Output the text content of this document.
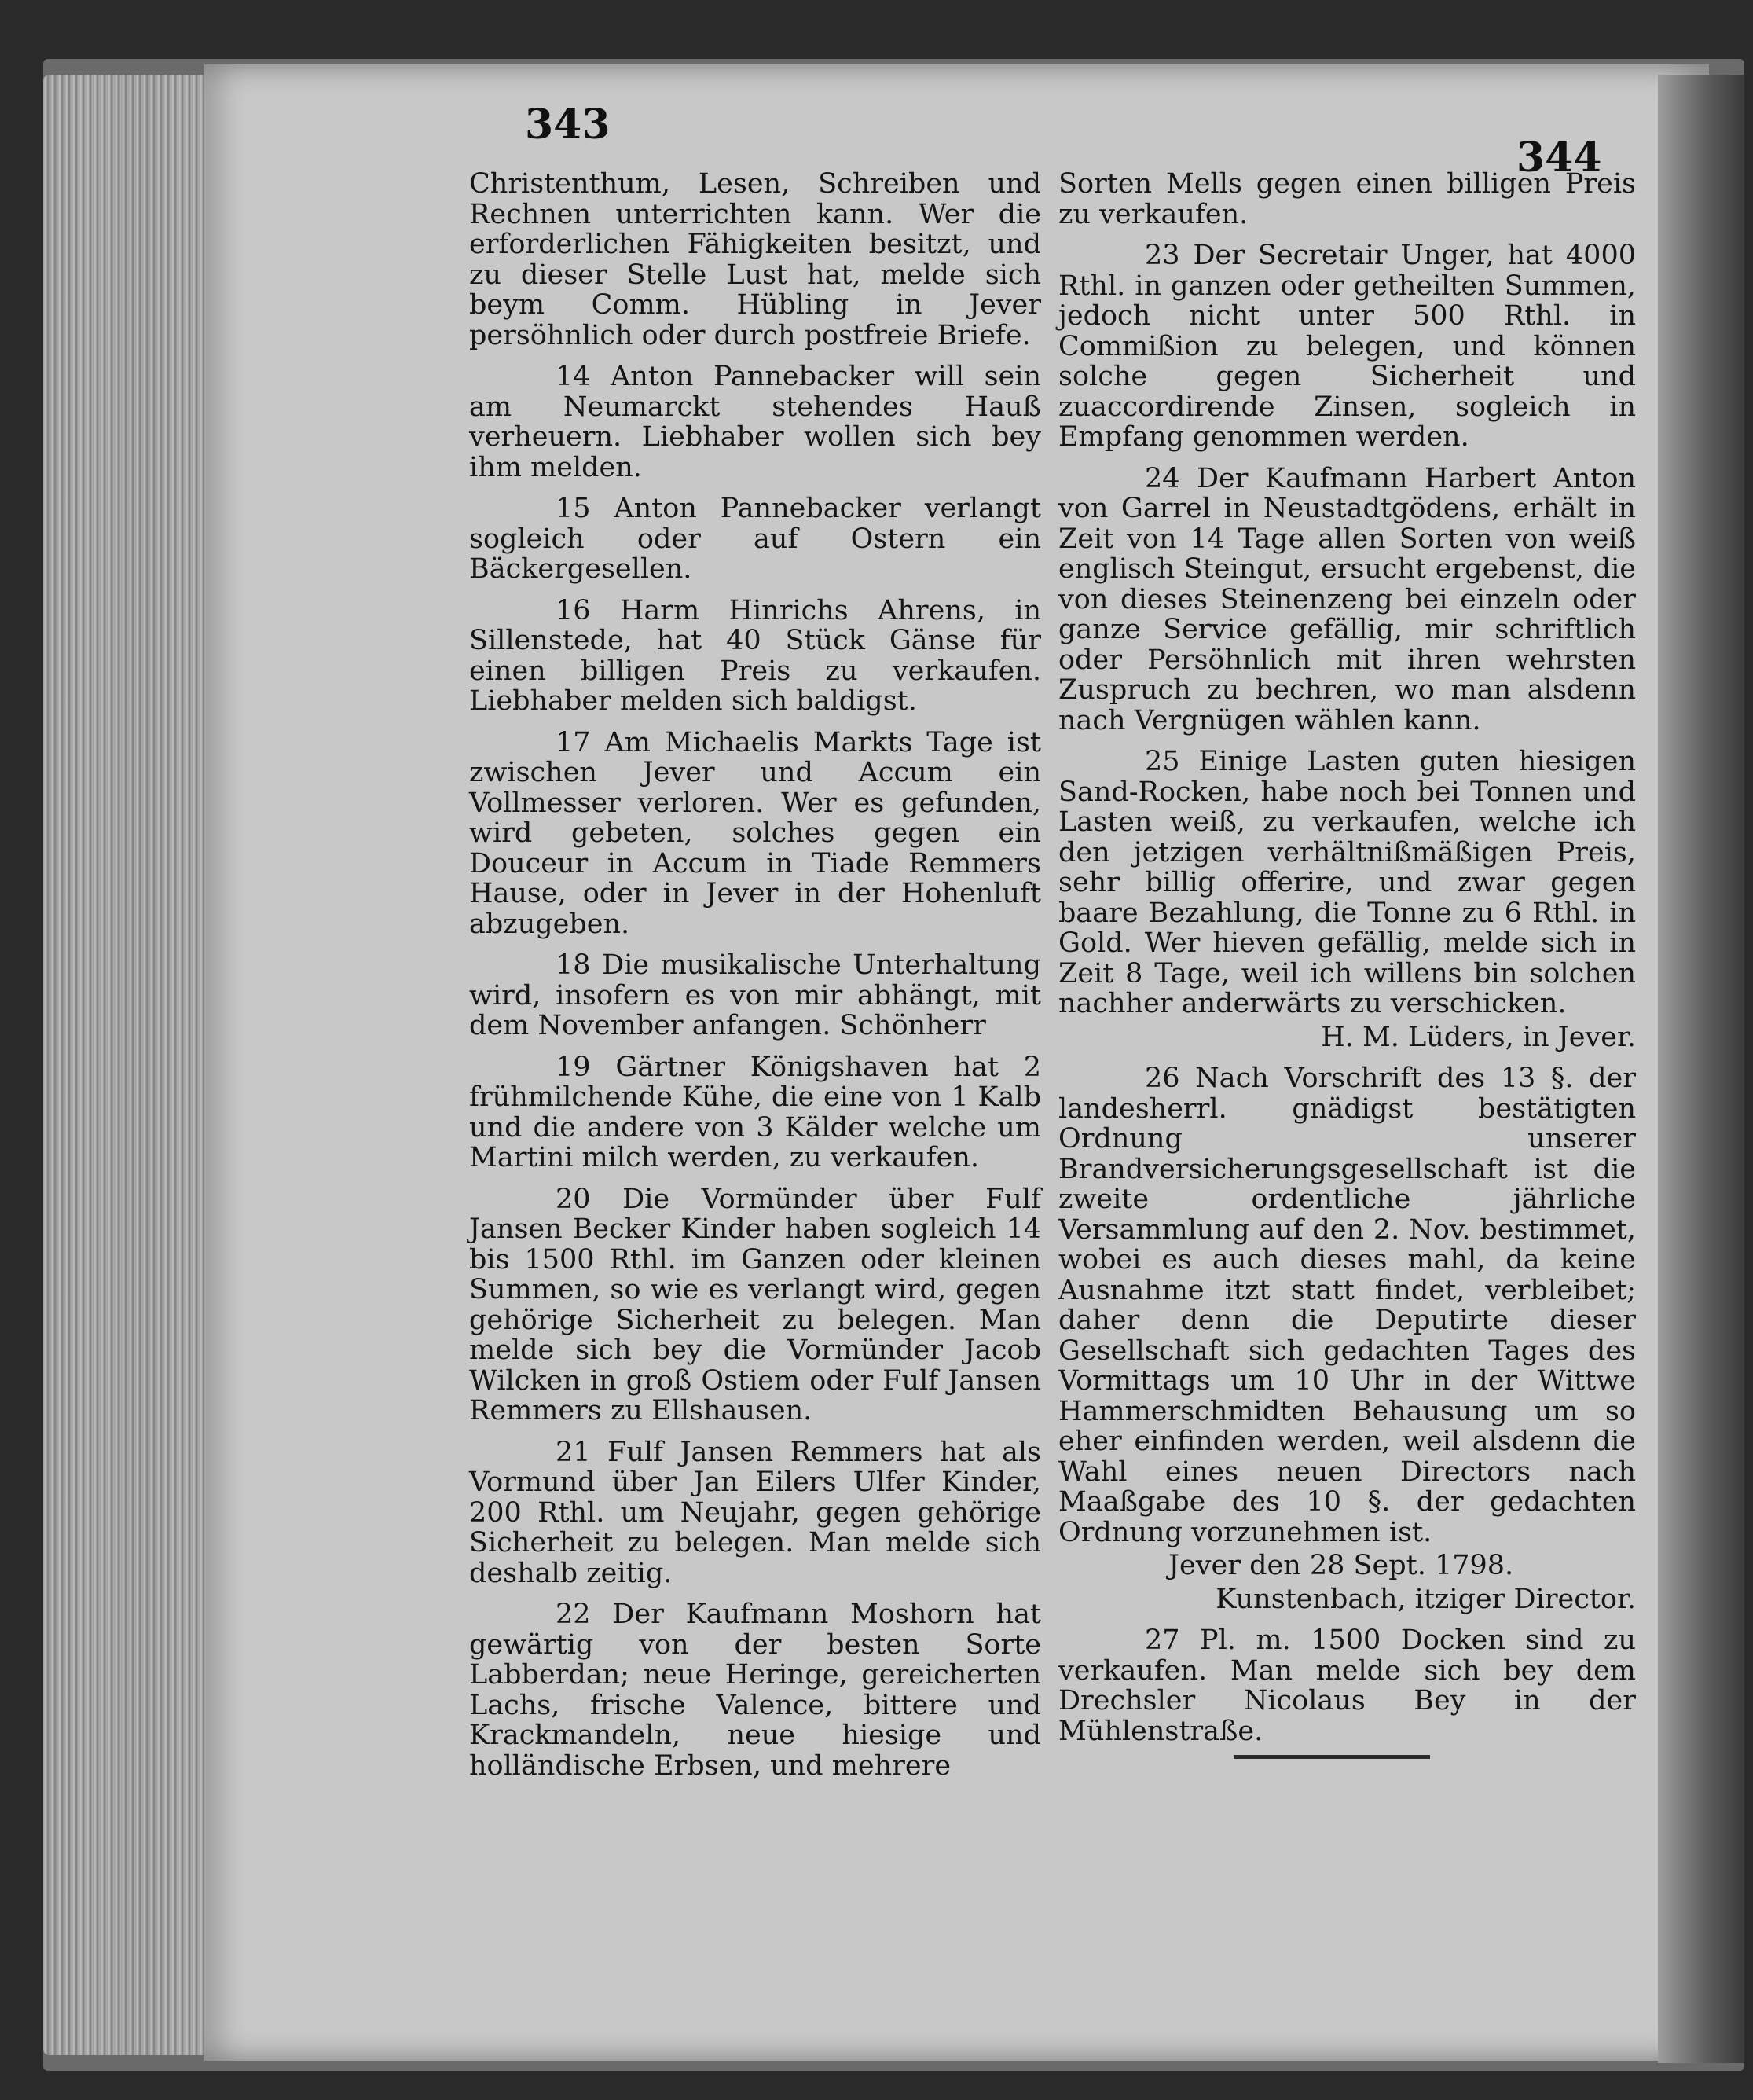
343
344

Christenthum, Lesen, Schreiben und Rechnen unterrichten kann. Wer die erforderlichen Fähigkeiten besitzt, und zu dieser Stelle Lust hat, melde sich beym Comm. Hübling in Jever persöhnlich oder durch postfreie Briefe.

14 Anton Pannebacker will sein am Neumarckt stehendes Hauß verheuern. Liebhaber wollen sich bey ihm melden.

15 Anton Pannebacker verlangt sogleich oder auf Ostern ein Bäckergesellen.

16 Harm Hinrichs Ahrens, in Sillenstede, hat 40 Stück Gänse für einen billigen Preis zu verkaufen. Liebhaber melden sich baldigst.

17 Am Michaelis Markts Tage ist zwischen Jever und Accum ein Vollmesser verloren. Wer es gefunden, wird gebeten, solches gegen ein Douceur in Accum in Tiade Remmers Hause, oder in Jever in der Hohenluft abzugeben.

18 Die musikalische Unterhaltung wird, insofern es von mir abhängt, mit dem November anfangen. Schönherr

19 Gärtner Königshaven hat 2 frühmilchende Kühe, die eine von 1 Kalb und die andere von 3 Kälder welche um Martini milch werden, zu verkaufen.

20 Die Vormünder über Fulf Jansen Becker Kinder haben sogleich 14 bis 1500 Rthl. im Ganzen oder kleinen Summen, so wie es verlangt wird, gegen gehörige Sicherheit zu belegen. Man melde sich bey die Vormünder Jacob Wilcken in groß Ostiem oder Fulf Jansen Remmers zu Ellshausen.

21 Fulf Jansen Remmers hat als Vormund über Jan Eilers Ulfer Kinder, 200 Rthl. um Neujahr, gegen gehörige Sicherheit zu belegen. Man melde sich deshalb zeitig.

22 Der Kaufmann Moshorn hat gewärtig von der besten Sorte Labberdan; neue Heringe, gereicherten Lachs, frische Valence, bittere und Krackmandeln, neue hiesige und holländische Erbsen, und mehrere

Sorten Mells gegen einen billigen Preis zu verkaufen.

23 Der Secretair Unger, hat 4000 Rthl. in ganzen oder getheilten Summen, jedoch nicht unter 500 Rthl. in Commißion zu belegen, und können solche gegen Sicherheit und zuaccordirende Zinsen, sogleich in Empfang genommen werden.

24 Der Kaufmann Harbert Anton von Garrel in Neustadtgödens, erhält in Zeit von 14 Tage allen Sorten von weiß englisch Steingut, ersucht ergebenst, die von dieses Steinenzeng bei einzeln oder ganze Service gefällig, mir schriftlich oder Persöhnlich mit ihren wehrsten Zuspruch zu bechren, wo man alsdenn nach Vergnügen wählen kann.

25 Einige Lasten guten hiesigen Sand-Rocken, habe noch bei Tonnen und Lasten weiß, zu verkaufen, welche ich den jetzigen verhältnißmäßigen Preis, sehr billig offerire, und zwar gegen baare Bezahlung, die Tonne zu 6 Rthl. in Gold. Wer hieven gefällig, melde sich in Zeit 8 Tage, weil ich willens bin solchen nachher anderwärts zu verschicken.

H. M. Lüders, in Jever.

26 Nach Vorschrift des 13 §. der landesherrl. gnädigst bestätigten Ordnung unserer Brandversicherungsgesellschaft ist die zweite ordentliche jährliche Versammlung auf den 2. Nov. bestimmet, wobei es auch dieses mahl, da keine Ausnahme itzt statt findet, verbleibet; daher denn die Deputirte dieser Gesellschaft sich gedachten Tages des Vormittags um 10 Uhr in der Wittwe Hammerschmidten Behausung um so eher einfinden werden, weil alsdenn die Wahl eines neuen Directors nach Maaßgabe des 10 §. der gedachten Ordnung vorzunehmen ist.

Jever den 28 Sept. 1798.

Kunstenbach, itziger Director.

27 Pl. m. 1500 Docken sind zu verkaufen. Man melde sich bey dem Drechsler Nicolaus Bey in der Mühlenstraße.
